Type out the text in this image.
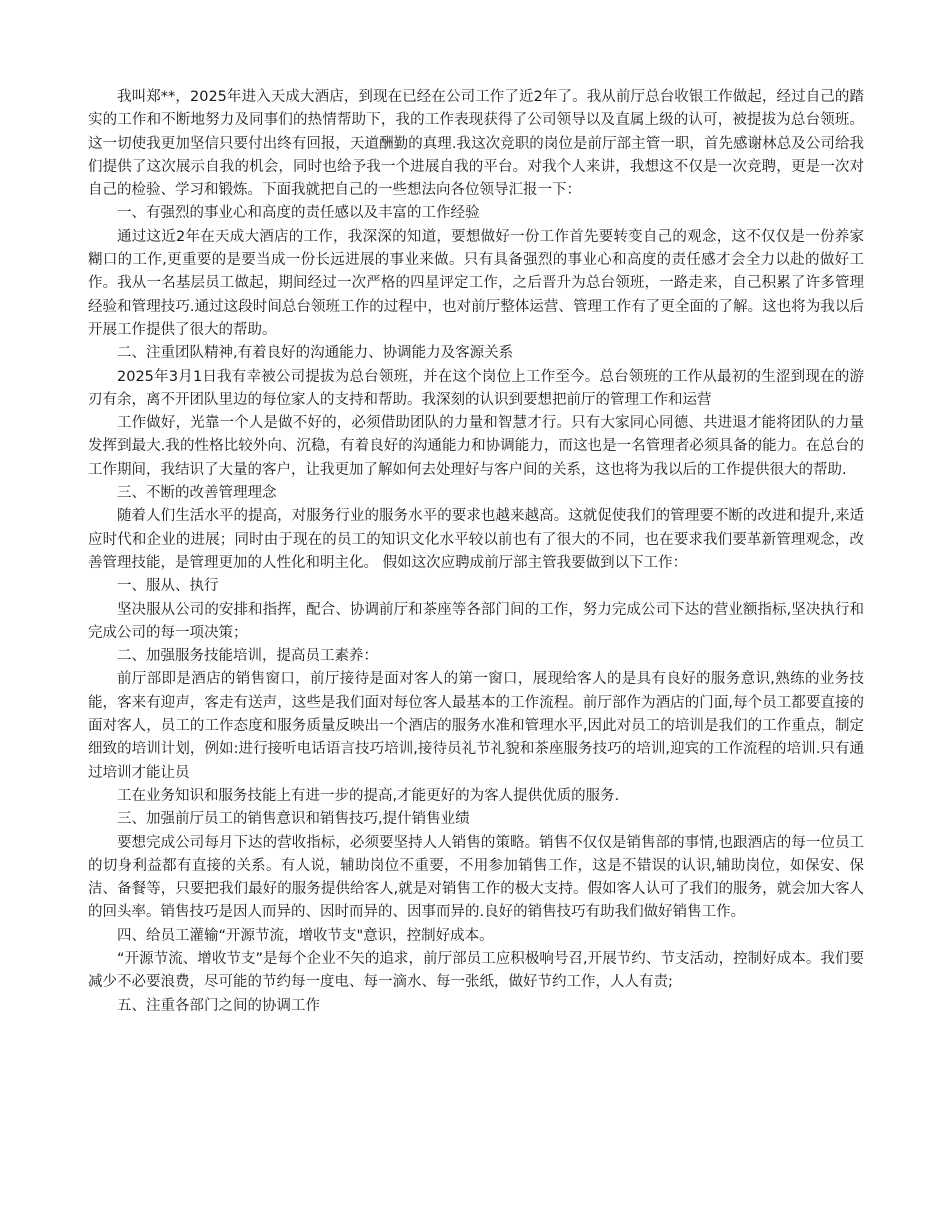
我叫郑**，2025年进入天成大酒店，到现在已经在公司工作了近2年了。我从前厅总台收银工作做起，经过自己的踏实的工作和不断地努力及同事们的热情帮助下，我的工作表现获得了公司领导以及直属上级的认可，被提拔为总台领班。这一切使我更加坚信只要付出终有回报，天道酬勤的真理.我这次竞职的岗位是前厅部主管一职，首先感谢林总及公司给我们提供了这次展示自我的机会，同时也给予我一个进展自我的平台。对我个人来讲，我想这不仅是一次竞聘，更是一次对自己的检验、学习和锻炼。下面我就把自己的一些想法向各位领导汇报一下：

一、有强烈的事业心和高度的责任感以及丰富的工作经验

通过这近2年在天成大酒店的工作，我深深的知道，要想做好一份工作首先要转变自己的观念，这不仅仅是一份养家糊口的工作,更重要的是要当成一份长远进展的事业来做。只有具备强烈的事业心和高度的责任感才会全力以赴的做好工作。我从一名基层员工做起，期间经过一次严格的四星评定工作，之后晋升为总台领班，一路走来，自己积累了许多管理经验和管理技巧.通过这段时间总台领班工作的过程中，也对前厅整体运营、管理工作有了更全面的了解。这也将为我以后开展工作提供了很大的帮助。

二、注重团队精神,有着良好的沟通能力、协调能力及客源关系

2025年3月1日我有幸被公司提拔为总台领班，并在这个岗位上工作至今。总台领班的工作从最初的生涩到现在的游刃有余，离不开团队里边的每位家人的支持和帮助。我深刻的认识到要想把前厅的管理工作和运营

工作做好，光靠一个人是做不好的，必须借助团队的力量和智慧才行。只有大家同心同德、共进退才能将团队的力量发挥到最大.我的性格比较外向、沉稳，有着良好的沟通能力和协调能力，而这也是一名管理者必须具备的能力。在总台的工作期间，我结识了大量的客户，让我更加了解如何去处理好与客户间的关系，这也将为我以后的工作提供很大的帮助.

三、不断的改善管理理念

随着人们生活水平的提高，对服务行业的服务水平的要求也越来越高。这就促使我们的管理要不断的改进和提升,来适应时代和企业的进展；同时由于现在的员工的知识文化水平较以前也有了很大的不同，也在要求我们要革新管理观念，改善管理技能，是管理更加的人性化和明主化。 假如这次应聘成前厅部主管我要做到以下工作：

一、服从、执行

坚决服从公司的安排和指挥，配合、协调前厅和茶座等各部门间的工作，努力完成公司下达的营业额指标,坚决执行和完成公司的每一项决策；

二、加强服务技能培训，提高员工素养：

前厅部即是酒店的销售窗口，前厅接待是面对客人的第一窗口，展现给客人的是具有良好的服务意识,熟练的业务技能，客来有迎声，客走有送声，这些是我们面对每位客人最基本的工作流程。前厅部作为酒店的门面,每个员工都要直接的面对客人，员工的工作态度和服务质量反映出一个酒店的服务水准和管理水平,因此对员工的培训是我们的工作重点，制定细致的培训计划，例如:进行接听电话语言技巧培训,接待员礼节礼貌和茶座服务技巧的培训,迎宾的工作流程的培训.只有通过培训才能让员

工在业务知识和服务技能上有进一步的提高,才能更好的为客人提供优质的服务.

三、加强前厅员工的销售意识和销售技巧,提什销售业绩

要想完成公司每月下达的营收指标，必须要坚持人人销售的策略。销售不仅仅是销售部的事情,也跟酒店的每一位员工的切身利益都有直接的关系。有人说，辅助岗位不重要，不用参加销售工作，这是不错误的认识,辅助岗位，如保安、保洁、备餐等，只要把我们最好的服务提供给客人,就是对销售工作的极大支持。假如客人认可了我们的服务，就会加大客人的回头率。销售技巧是因人而异的、因时而异的、因事而异的.良好的销售技巧有助我们做好销售工作。

四、给员工灌输“开源节流，增收节支"意识，控制好成本。

“开源节流、增收节支”是每个企业不矢的追求，前厅部员工应积极响号召,开展节约、节支活动，控制好成本。我们要减少不必要浪费，尽可能的节约每一度电、每一滴水、每一张纸，做好节约工作，人人有责;

五、注重各部门之间的协调工作
